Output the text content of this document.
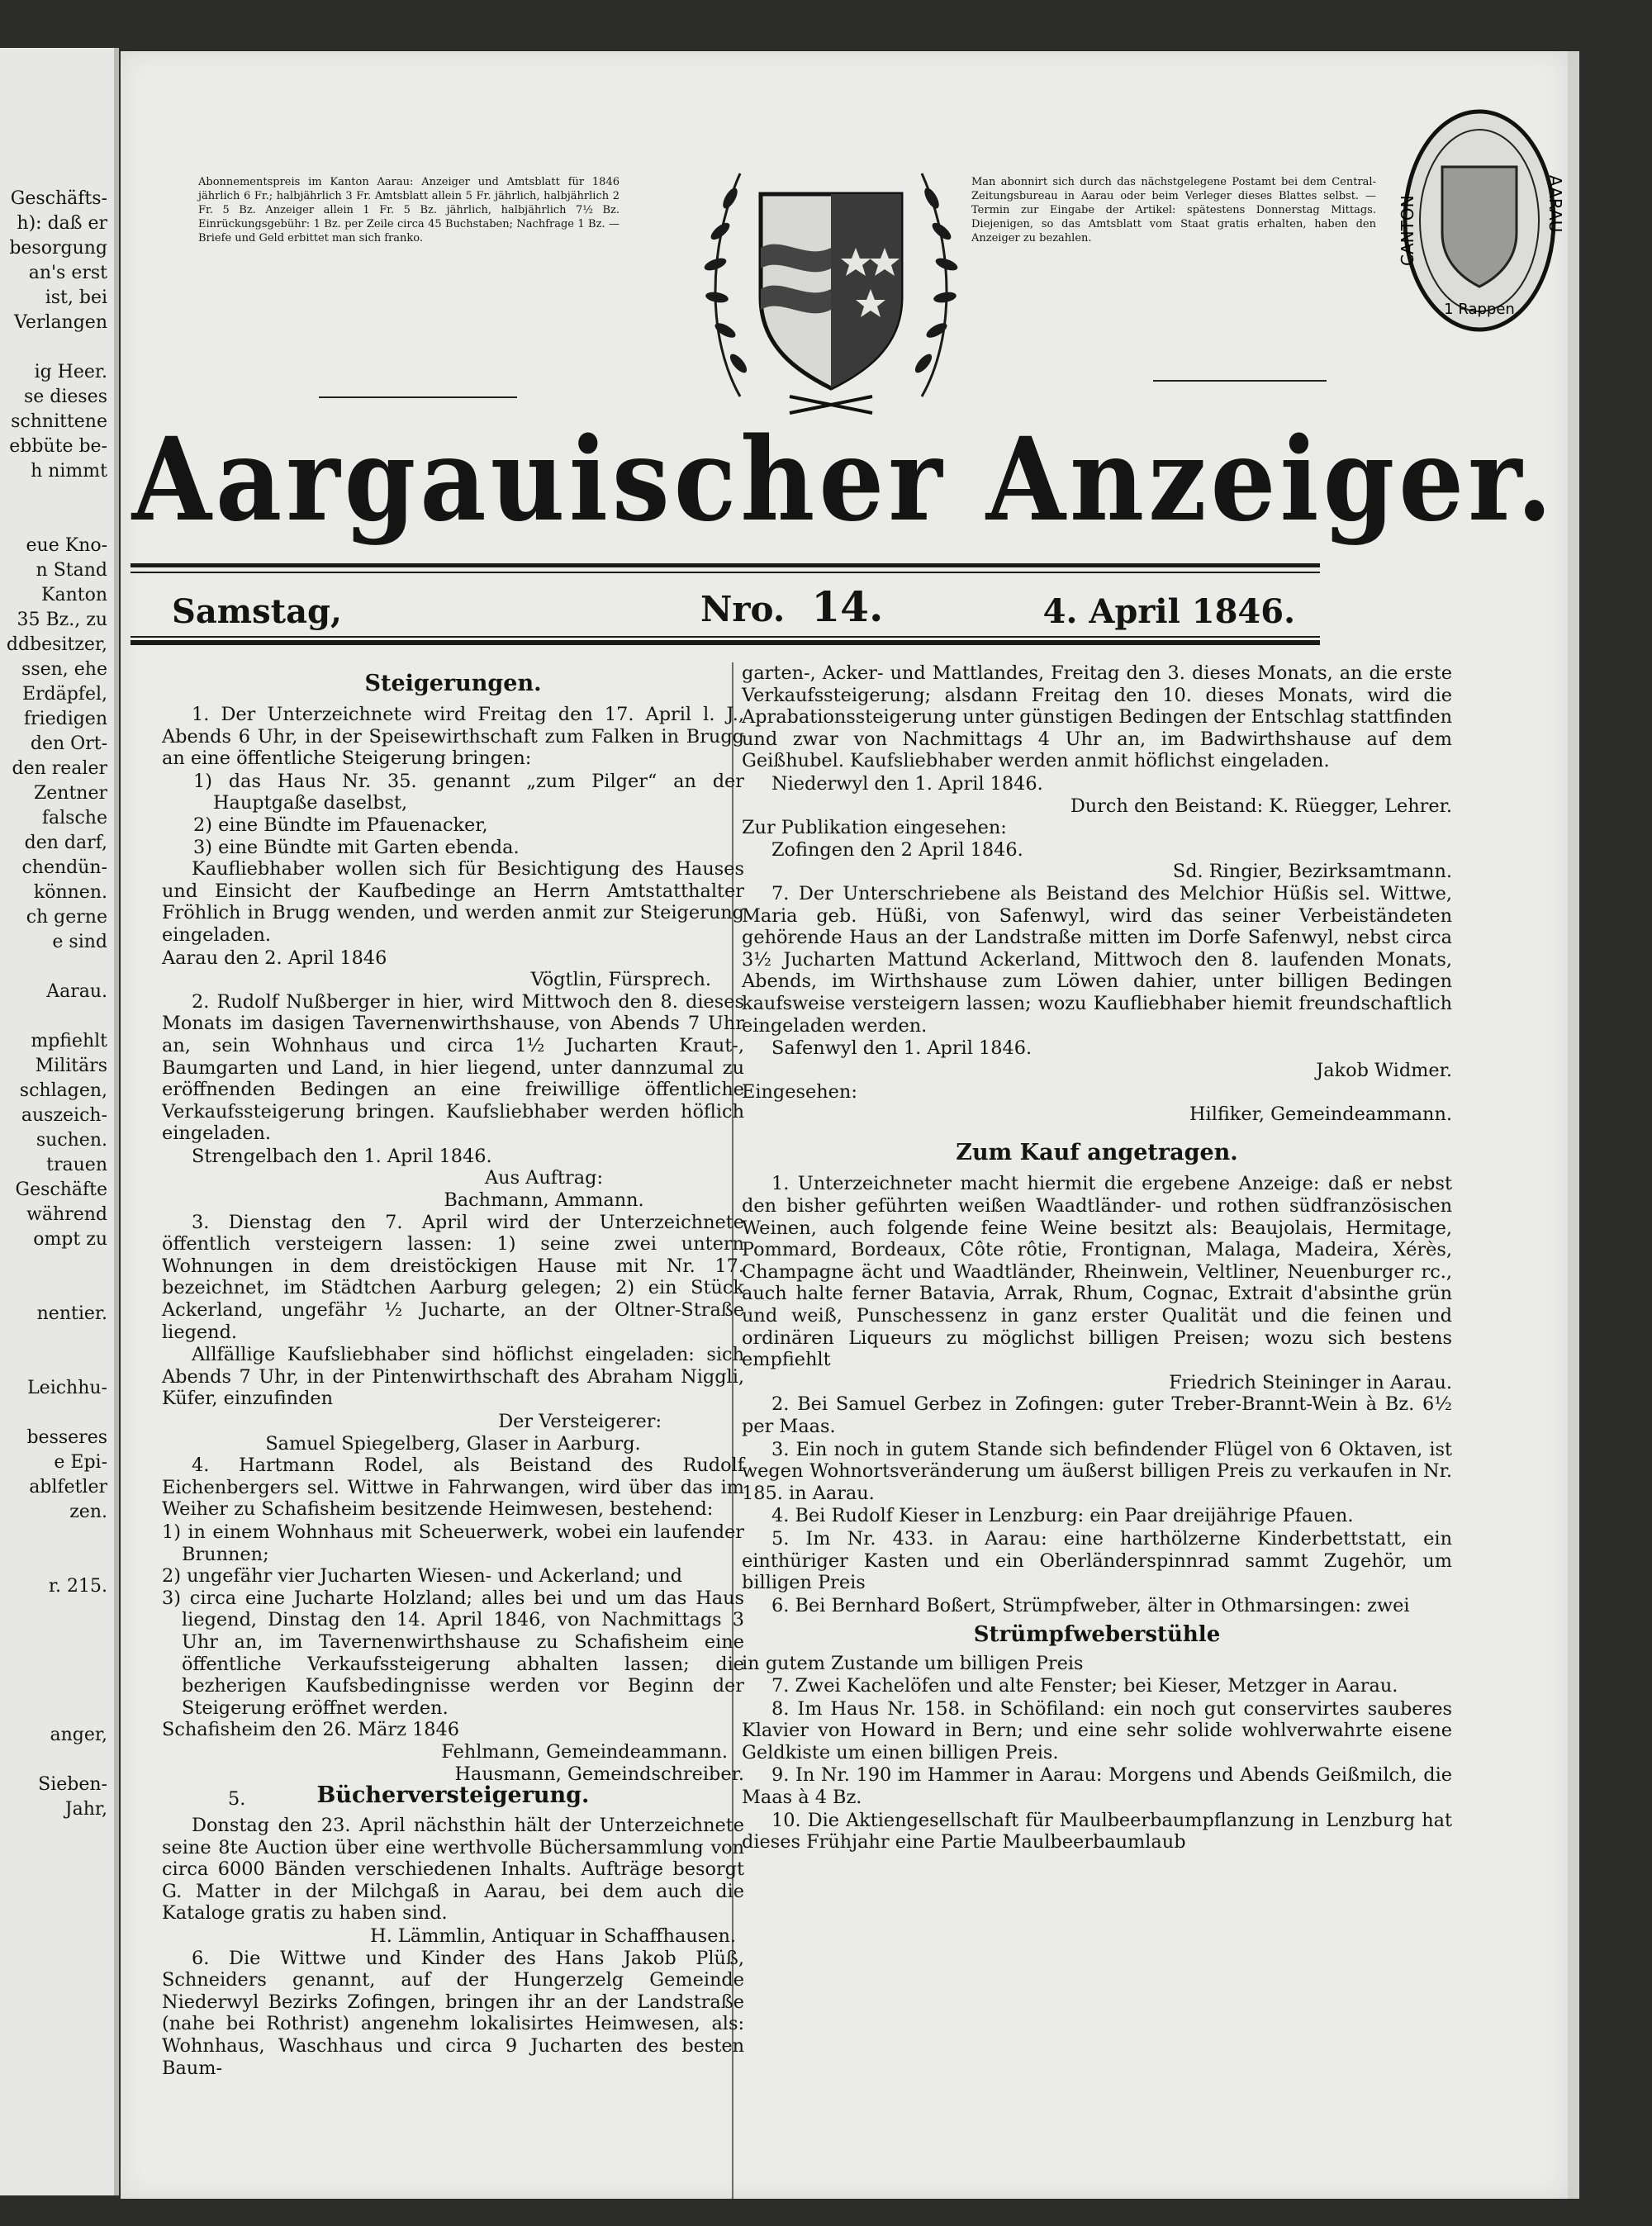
Geschäfts-
h): daß er
besorgung
an's erst
ist, bei
Verlangen
ig Heer.
se dieses
schnittene
ebbüte be-
h nimmt
eue Kno-
n Stand
Kanton
35 Bz., zu
ddbesitzer,
ssen, ehe
Erdäpfel,
friedigen
den Ort-
den realer
Zentner
falsche
den darf,
chendün-
können.
ch gerne
e sind
Aarau.
mpfiehlt
Militärs
schlagen,
auszeich-
suchen.
trauen
Geschäfte
während
ompt zu
nentier.
Leichhu-
besseres
e Epi-
ablfetler
zen.
r. 215.
anger,
Sieben-
Jahr,
Abonnementspreis im Kanton Aarau: Anzeiger und Amtsblatt für 1846 jährlich 6 Fr.; halbjährlich 3 Fr. Amtsblatt allein 5 Fr. jährlich, halbjährlich 2 Fr. 5 Bz. Anzeiger allein 1 Fr. 5 Bz. jährlich, halbjährlich 7½ Bz. Einrückungsgebühr: 1 Bz. per Zeile circa 45 Buchstaben; Nachfrage 1 Bz. — Briefe und Geld erbittet man sich franko.
Man abonnirt sich durch das nächstgelegene Postamt bei dem Central-Zeitungsbureau in Aarau oder beim Verleger dieses Blattes selbst. — Termin zur Eingabe der Artikel: spätestens Donnerstag Mittags. Diejenigen, so das Amtsblatt vom Staat gratis erhalten, haben den Anzeiger zu bezahlen.	CANTON	AARAU
1 Rappen
Aargauischer Anzeiger.
Samstag,	Nro. 14.	4. April 1846.
Steigerungen.

1. Der Unterzeichnete wird Freitag den 17. April l. J., Abends 6 Uhr, in der Speisewirthschaft zum Falken in Brugg an eine öffentliche Steigerung bringen:

1) das Haus Nr. 35. genannt „zum Pilger“ an der Hauptgaße daselbst,

2) eine Bündte im Pfauenacker,

3) eine Bündte mit Garten ebenda.

Kaufliebhaber wollen sich für Besichtigung des Hauses und Einsicht der Kaufbedinge an Herrn Amtstatthalter Fröhlich in Brugg wenden, und werden anmit zur Steigerung eingeladen.

Aarau den 2. April 1846

Vögtlin, Fürsprech.

2. Rudolf Nußberger in hier, wird Mittwoch den 8. dieses Monats im dasigen Tavernenwirthshause, von Abends 7 Uhr an, sein Wohnhaus und circa 1½ Jucharten Kraut-, Baumgarten und Land, in hier liegend, unter dannzumal zu eröffnenden Bedingen an eine freiwillige öffentliche Verkaufssteigerung bringen. Kaufsliebhaber werden höflich eingeladen.

Strengelbach den 1. April 1846.

Aus Auftrag:

Bachmann, Ammann.

3. Dienstag den 7. April wird der Unterzeichnete öffentlich versteigern lassen: 1) seine zwei untern Wohnungen in dem dreistöckigen Hause mit Nr. 17. bezeichnet, im Städtchen Aarburg gelegen; 2) ein Stück Ackerland, ungefähr ½ Jucharte, an der Oltner-Straße liegend.

Allfällige Kaufsliebhaber sind höflichst eingeladen: sich Abends 7 Uhr, in der Pintenwirthschaft des Abraham Niggli, Küfer, einzufinden

Der Versteigerer:

Samuel Spiegelberg, Glaser in Aarburg.

4. Hartmann Rodel, als Beistand des Rudolf Eichenbergers sel. Wittwe in Fahrwangen, wird über das im Weiher zu Schafisheim besitzende Heimwesen, bestehend:

1) in einem Wohnhaus mit Scheuerwerk, wobei ein laufender Brunnen;

2) ungefähr vier Jucharten Wiesen- und Ackerland; und

3) circa eine Jucharte Holzland; alles bei und um das Haus liegend, Dinstag den 14. April 1846, von Nachmittags 3 Uhr an, im Tavernenwirthshause zu Schafisheim eine öffentliche Verkaufssteigerung abhalten lassen; die bezherigen Kaufsbedingnisse werden vor Beginn der Steigerung eröffnet werden.

Schafisheim den 26. März 1846

Fehlmann, Gemeindeammann.

Hausmann, Gemeindschreiber.

5.	Bücherversteigerung.

Donstag den 23. April nächsthin hält der Unterzeichnete seine 8te Auction über eine werthvolle Büchersammlung von circa 6000 Bänden verschiedenen Inhalts. Aufträge besorgt G. Matter in der Milchgaß in Aarau, bei dem auch die Kataloge gratis zu haben sind.

H. Lämmlin, Antiquar in Schaffhausen.

6. Die Wittwe und Kinder des Hans Jakob Plüß, Schneiders genannt, auf der Hungerzelg Gemeinde Niederwyl Bezirks Zofingen, bringen ihr an der Landstraße (nahe bei Rothrist) angenehm lokalisirtes Heimwesen, als: Wohnhaus, Waschhaus und circa 9 Jucharten des besten Baum-

garten-, Acker- und Mattlandes, Freitag den 3. dieses Monats, an die erste Verkaufssteigerung; alsdann Freitag den 10. dieses Monats, wird die Aprabationssteigerung unter günstigen Bedingen der Entschlag stattfinden und zwar von Nachmittags 4 Uhr an, im Badwirthshause auf dem Geißhubel. Kaufsliebhaber werden anmit höflichst eingeladen.

Niederwyl den 1. April 1846.

Durch den Beistand: K. Rüegger, Lehrer.

Zur Publikation eingesehen:

Zofingen den 2 April 1846.

Sd. Ringier, Bezirksamtmann.

7. Der Unterschriebene als Beistand des Melchior Hüßis sel. Wittwe, Maria geb. Hüßi, von Safenwyl, wird das seiner Verbeiständeten gehörende Haus an der Landstraße mitten im Dorfe Safenwyl, nebst circa 3½ Jucharten Mattund Ackerland, Mittwoch den 8. laufenden Monats, Abends, im Wirthshause zum Löwen dahier, unter billigen Bedingen kaufsweise versteigern lassen; wozu Kaufliebhaber hiemit freundschaftlich eingeladen werden.

Safenwyl den 1. April 1846.

Jakob Widmer.

Eingesehen:

Hilfiker, Gemeindeammann.

Zum Kauf angetragen.

1. Unterzeichneter macht hiermit die ergebene Anzeige: daß er nebst den bisher geführten weißen Waadtländer- und rothen südfranzösischen Weinen, auch folgende feine Weine besitzt als: Beaujolais, Hermitage, Pommard, Bordeaux, Côte rôtie, Frontignan, Malaga, Madeira, Xérès, Champagne ächt und Waadtländer, Rheinwein, Veltliner, Neuenburger rc., auch halte ferner Batavia, Arrak, Rhum, Cognac, Extrait d'absinthe grün und weiß, Punschessenz in ganz erster Qualität und die feinen und ordinären Liqueurs zu möglichst billigen Preisen; wozu sich bestens empfiehlt

Friedrich Steininger in Aarau.

2. Bei Samuel Gerbez in Zofingen: guter Treber-Brannt-Wein à Bz. 6½ per Maas.

3. Ein noch in gutem Stande sich befindender Flügel von 6 Oktaven, ist wegen Wohnortsveränderung um äußerst billigen Preis zu verkaufen in Nr. 185. in Aarau.

4. Bei Rudolf Kieser in Lenzburg: ein Paar dreijährige Pfauen.

5. Im Nr. 433. in Aarau: eine harthölzerne Kinderbettstatt, ein einthüriger Kasten und ein Oberländerspinnrad sammt Zugehör, um billigen Preis

6. Bei Bernhard Boßert, Strümpfweber, älter in Othmarsingen: zwei

Strümpfweberstühle

in gutem Zustande um billigen Preis

7. Zwei Kachelöfen und alte Fenster; bei Kieser, Metzger in Aarau.

8. Im Haus Nr. 158. in Schöfiland: ein noch gut conservirtes sauberes Klavier von Howard in Bern; und eine sehr solide wohlverwahrte eisene Geldkiste um einen billigen Preis.

9. In Nr. 190 im Hammer in Aarau: Morgens und Abends Geißmilch, die Maas à 4 Bz.

10. Die Aktiengesellschaft für Maulbeerbaumpflanzung in Lenzburg hat dieses Frühjahr eine Partie Maulbeerbaumlaub
